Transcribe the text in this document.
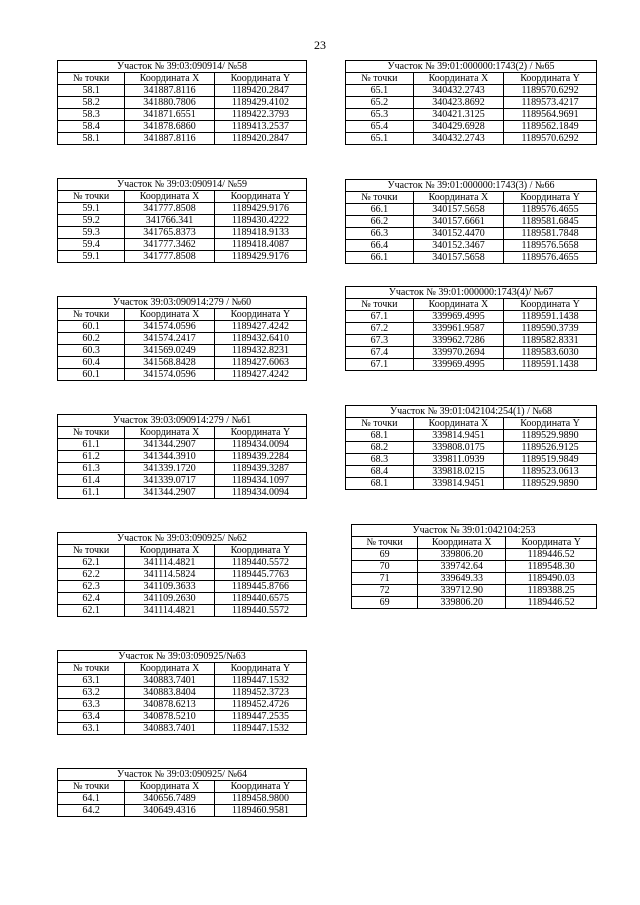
23
Участок № 39:03:090914/ №58		
№ точки	Координата X	Координата Y
58.1	341887.8116	1189420.2847
58.2	341880.7806	1189429.4102
58.3	341871.6551	1189422.3793
58.4	341878.6860	1189413.2537
58.1	341887.8116	1189420.2847
Участок № 39:03:090914/ №59		
№ точки	Координата X	Координата Y
59.1	341777.8508	1189429.9176
59.2	341766.341	1189430.4222
59.3	341765.8373	1189418.9133
59.4	341777.3462	1189418.4087
59.1	341777.8508	1189429.9176
Участок 39:03:090914:279 / №60		
№ точки	Координата X	Координата Y
60.1	341574.0596	1189427.4242
60.2	341574.2417	1189432.6410
60.3	341569.0249	1189432.8231
60.4	341568.8428	1189427.6063
60.1	341574.0596	1189427.4242
Участок 39:03:090914:279 / №61		
№ точки	Координата X	Координата Y
61.1	341344.2907	1189434.0094
61.2	341344.3910	1189439.2284
61.3	341339.1720	1189439.3287
61.4	341339.0717	1189434.1097
61.1	341344.2907	1189434.0094
Участок № 39:03:090925/ №62		
№ точки	Координата X	Координата Y
62.1	341114.4821	1189440.5572
62.2	341114.5824	1189445.7763
62.3	341109.3633	1189445.8766
62.4	341109.2630	1189440.6575
62.1	341114.4821	1189440.5572
Участок № 39:03:090925/№63		
№ точки	Координата X	Координата Y
63.1	340883.7401	1189447.1532
63.2	340883.8404	1189452.3723
63.3	340878.6213	1189452.4726
63.4	340878.5210	1189447.2535
63.1	340883.7401	1189447.1532
Участок № 39:03:090925/ №64		
№ точки	Координата X	Координата Y
64.1	340656.7489	1189458.9800
64.2	340649.4316	1189460.9581
Участок № 39:01:000000:1743(2) / №65		
№ точки	Координата X	Координата Y
65.1	340432.2743	1189570.6292
65.2	340423.8692	1189573.4217
65.3	340421.3125	1189564.9691
65.4	340429.6928	1189562.1849
65.1	340432.2743	1189570.6292
Участок № 39:01:000000:1743(3) / №66		
№ точки	Координата X	Координата Y
66.1	340157.5658	1189576.4655
66.2	340157.6661	1189581.6845
66.3	340152.4470	1189581.7848
66.4	340152.3467	1189576.5658
66.1	340157.5658	1189576.4655
Участок № 39:01:000000:1743(4)/ №67		
№ точки	Координата X	Координата Y
67.1	339969.4995	1189591.1438
67.2	339961.9587	1189590.3739
67.3	339962.7286	1189582.8331
67.4	339970.2694	1189583.6030
67.1	339969.4995	1189591.1438
Участок № 39:01:042104:254(1) / №68		
№ точки	Координата X	Координата Y
68.1	339814.9451	1189529.9890
68.2	339808.0175	1189526.9125
68.3	339811.0939	1189519.9849
68.4	339818.0215	1189523.0613
68.1	339814.9451	1189529.9890
Участок № 39:01:042104:253		
№ точки	Координата X	Координата Y
69	339806.20	1189446.52
70	339742.64	1189548.30
71	339649.33	1189490.03
72	339712.90	1189388.25
69	339806.20	1189446.52
